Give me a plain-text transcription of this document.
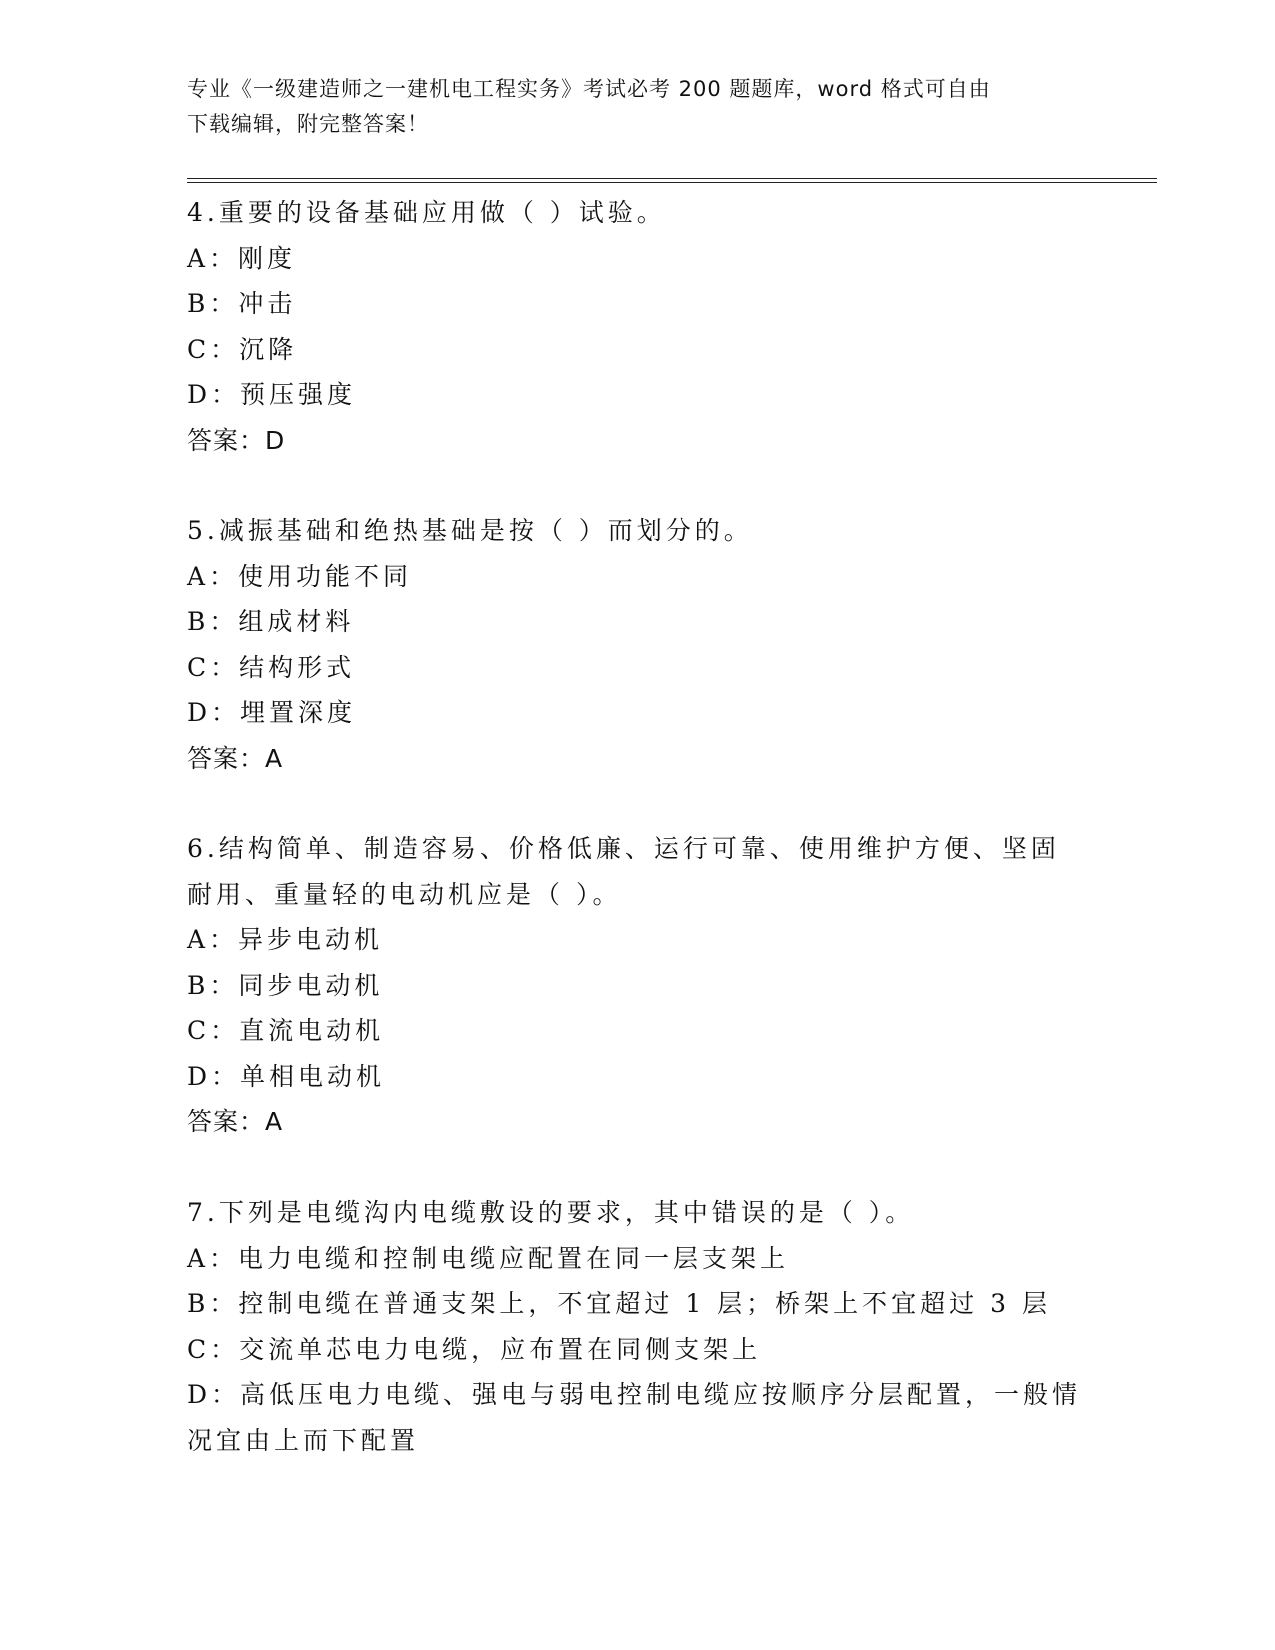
专业《一级建造师之一建机电工程实务》考试必考 200 题题库，word 格式可自由
下载编辑，附完整答案！

4.重要的设备基础应用做（ ）试验。

A：刚度

B：冲击

C：沉降

D：预压强度

答案：D

5.减振基础和绝热基础是按（ ）而划分的。

A：使用功能不同

B：组成材料

C：结构形式

D：埋置深度

答案：A

6.结构简单、制造容易、价格低廉、运行可靠、使用维护方便、坚固

耐用、重量轻的电动机应是（ ）。

A：异步电动机

B：同步电动机

C：直流电动机

D：单相电动机

答案：A

7.下列是电缆沟内电缆敷设的要求，其中错误的是（ ）。

A：电力电缆和控制电缆应配置在同一层支架上

B：控制电缆在普通支架上，不宜超过 1 层；桥架上不宜超过 3 层

C：交流单芯电力电缆，应布置在同侧支架上

D：高低压电力电缆、强电与弱电控制电缆应按顺序分层配置，一般情

况宜由上而下配置
